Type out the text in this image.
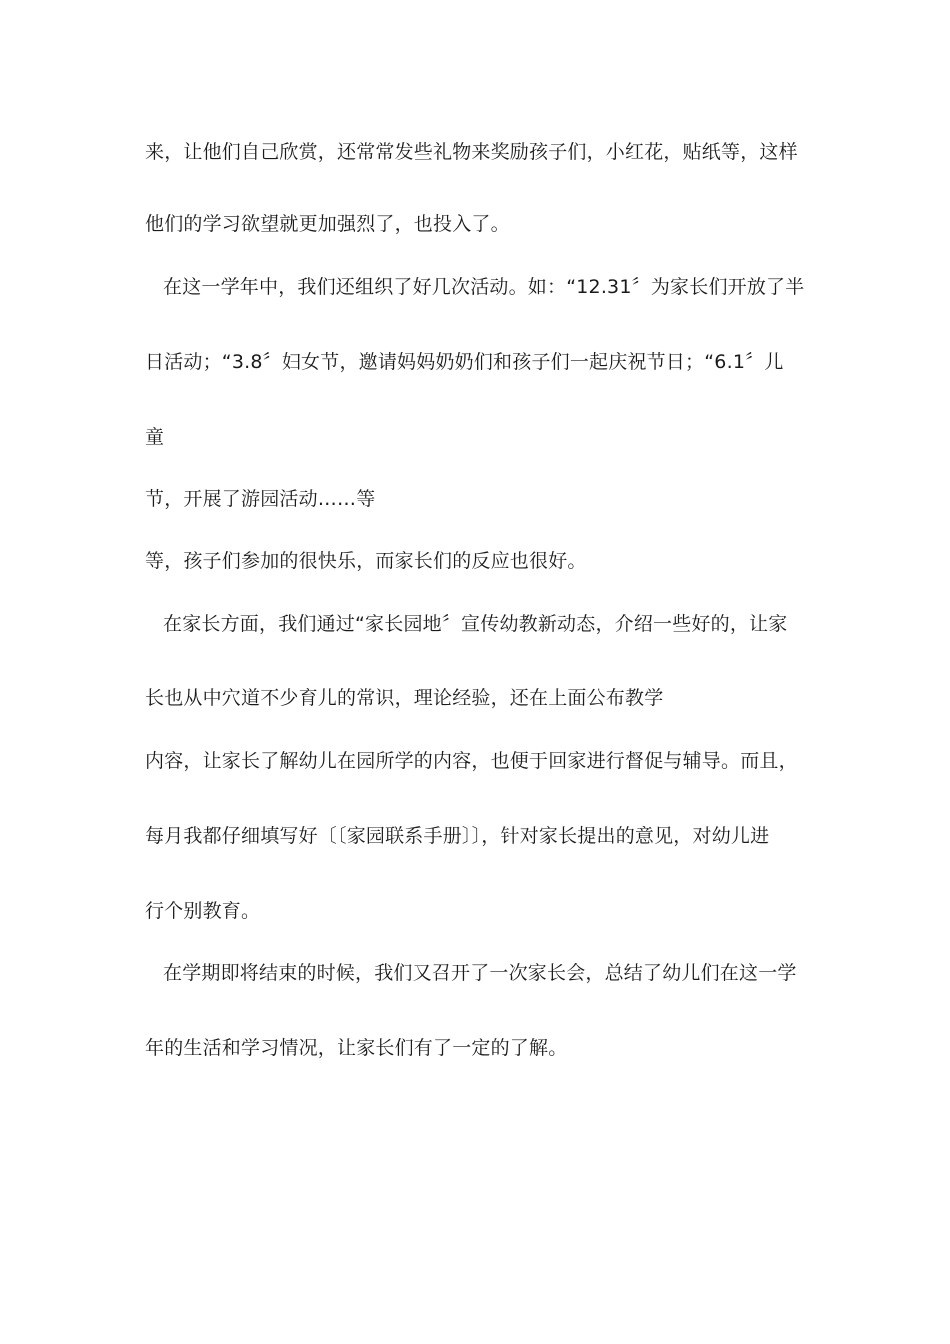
来，让他们自己欣赏，还常常发些礼物来奖励孩子们，小红花，贴纸等，这样
他们的学习欲望就更加强烈了，也投入了。
在这一学年中，我们还组织了好几次活动。如：“12.31〞为家长们开放了半
日活动；“3.8〞妇女节，邀请妈妈奶奶们和孩子们一起庆祝节日；“6.1〞儿
童
节，开展了游园活动……等
等，孩子们参加的很快乐，而家长们的反应也很好。
在家长方面，我们通过“家长园地〞宣传幼教新动态，介绍一些好的，让家
长也从中穴道不少育儿的常识，理论经验，还在上面公布教学
内容，让家长了解幼儿在园所学的内容，也便于回家进行督促与辅导。而且，
每月我都仔细填写好〔〔家园联系手册〕〕，针对家长提出的意见，对幼儿进
行个别教育。
在学期即将结束的时候，我们又召开了一次家长会，总结了幼儿们在这一学
年的生活和学习情况，让家长们有了一定的了解。
